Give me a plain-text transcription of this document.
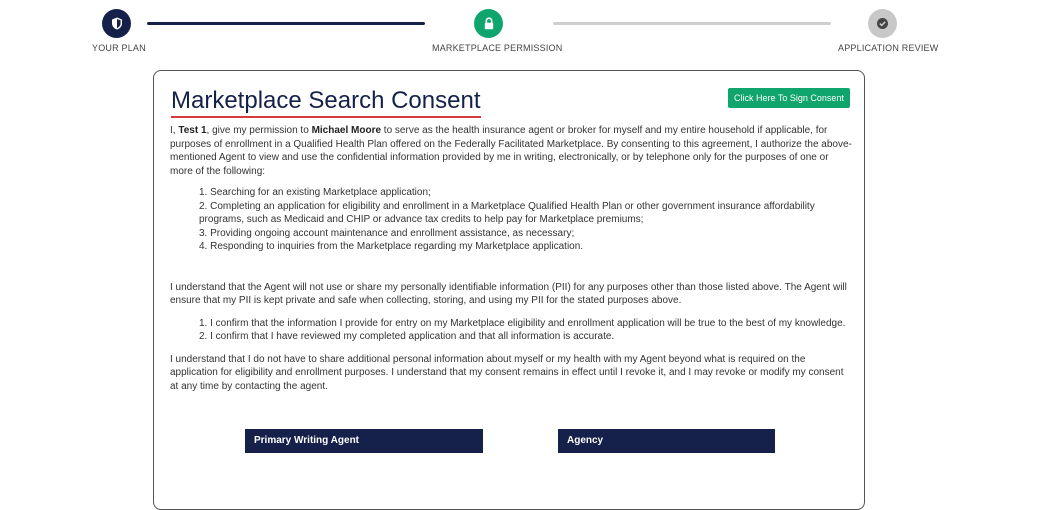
YOUR PLAN	MARKETPLACE PERMISSION	APPLICATION REVIEW
Marketplace Search Consent	Click Here To Sign Consent

I, Test 1, give my permission to Michael Moore to serve as the health insurance agent or broker for myself and my entire household if applicable, for purposes of enrollment in a Qualified Health Plan offered on the Federally Facilitated Marketplace. By consenting to this agreement, I authorize the above-mentioned Agent to view and use the confidential information provided by me in writing, electronically, or by telephone only for the purposes of one or more of the following:

1. Searching for an existing Marketplace application;
2. Completing an application for eligibility and enrollment in a Marketplace Qualified Health Plan or other government insurance affordability programs, such as Medicaid and CHIP or advance tax credits to help pay for Marketplace premiums;
3. Providing ongoing account maintenance and enrollment assistance, as necessary;
4. Responding to inquiries from the Marketplace regarding my Marketplace application.

I understand that the Agent will not use or share my personally identifiable information (PII) for any purposes other than those listed above. The Agent will ensure that my PII is kept private and safe when collecting, storing, and using my PII for the stated purposes above.

1. I confirm that the information I provide for entry on my Marketplace eligibility and enrollment application will be true to the best of my knowledge.
2. I confirm that I have reviewed my completed application and that all information is accurate.

I understand that I do not have to share additional personal information about myself or my health with my Agent beyond what is required on the application for eligibility and enrollment purposes. I understand that my consent remains in effect until I revoke it, and I may revoke or modify my consent at any time by contacting the agent.

Primary Writing Agent	Agency
